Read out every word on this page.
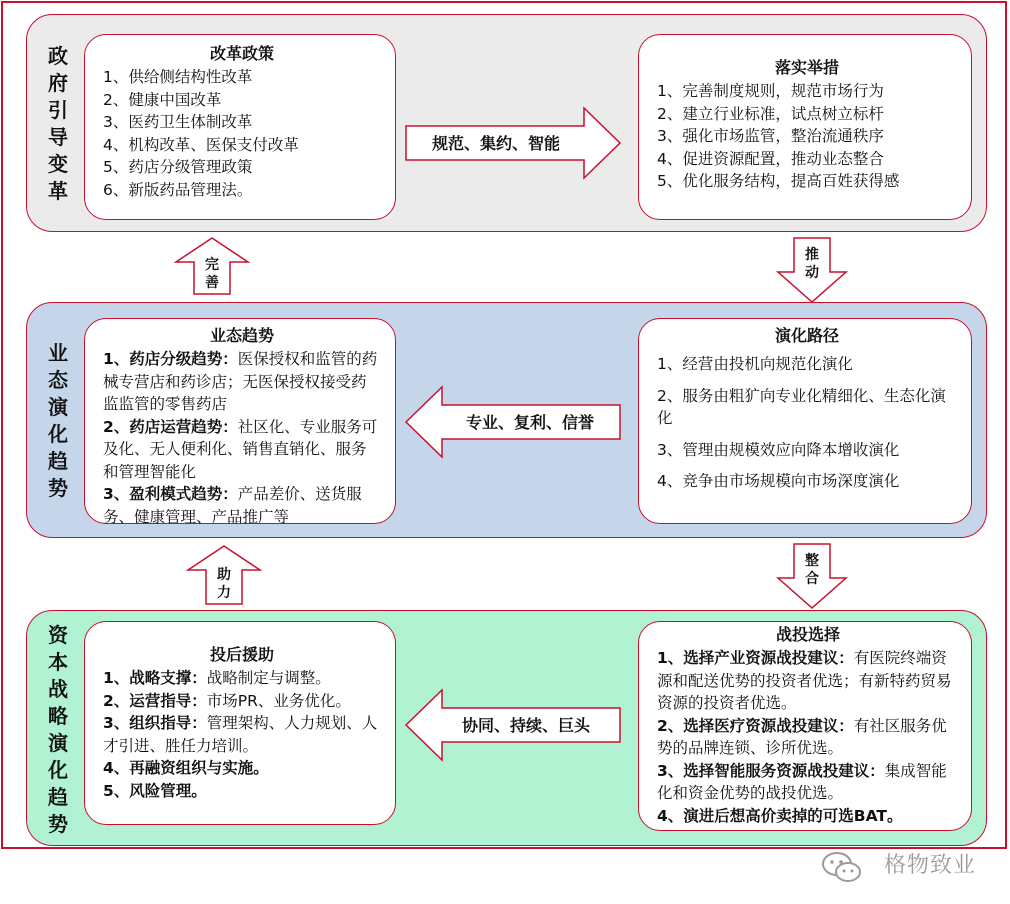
政
府
引
导
变
革
业
态
演
化
趋
势
资
本
战
略
演
化
趋
势
改革政策
1、供给侧结构性改革
2、健康中国改革
3、医药卫生体制改革
4、机构改革、医保支付改革
5、药店分级管理政策
6、新版药品管理法。
落实举措
1、完善制度规则，规范市场行为
2、建立行业标准，试点树立标杆
3、强化市场监管，整治流通秩序
4、促进资源配置，推动业态整合
5、优化服务结构，提高百姓获得感
业态趋势
1、药店分级趋势：医保授权和监管的药械专营店和药诊店；无医保授权接受药监监管的零售药店
2、药店运营趋势：社区化、专业服务可及化、无人便利化、销售直销化、服务和管理智能化
3、盈利模式趋势：产品差价、送货服务、健康管理、产品推广等
演化路径
1、经营由投机向规范化演化
2、服务由粗犷向专业化精细化、生态化演化
3、管理由规模效应向降本增收演化
4、竞争由市场规模向市场深度演化
投后援助
1、战略支撑：战略制定与调整。
2、运营指导：市场PR、业务优化。
3、组织指导：管理架构、人力规划、人才引进、胜任力培训。
4、再融资组织与实施。
5、风险管理。
战投选择
1、选择产业资源战投建议：有医院终端资源和配送优势的投资者优选；有新特药贸易资源的投资者优选。
2、选择医疗资源战投建议：有社区服务优势的品牌连锁、诊所优选。
3、选择智能服务资源战投建议：集成智能化和资金优势的战投优选。
4、演进后想高价卖掉的可选BAT。
规范、集约、智能
专业、复利、信誉
协同、持续、巨头
推
动
整
合
完
善
助
力
格物致业
